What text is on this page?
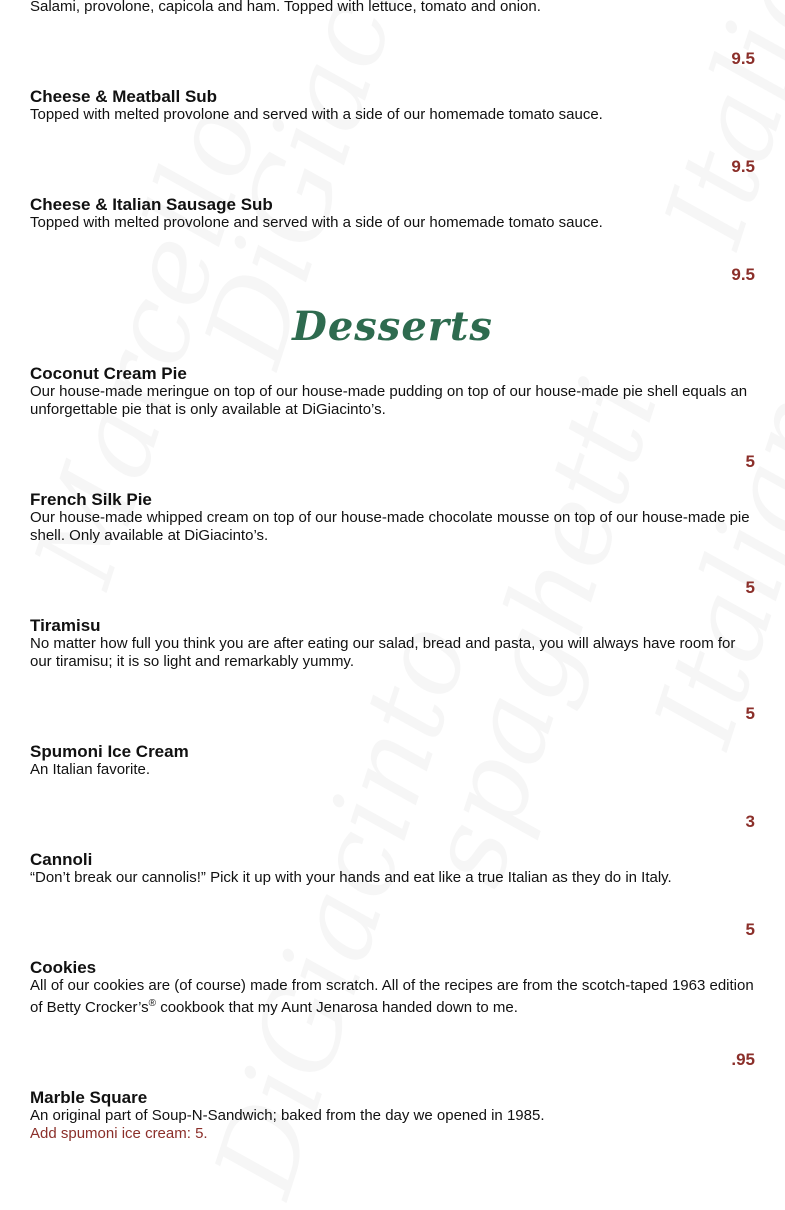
Salami, provolone, capicola and ham. Topped with lettuce, tomato and onion.

9.5

Cheese & Meatball Sub

Topped with melted provolone and served with a side of our homemade tomato sauce.

9.5

Cheese & Italian Sausage Sub

Topped with melted provolone and served with a side of our homemade tomato sauce.

9.5
Desserts

Coconut Cream Pie

Our house-made meringue on top of our house-made pudding on top of our house-made pie shell equals an unforgettable pie that is only available at DiGiacinto’s.

5

French Silk Pie

Our house-made whipped cream on top of our house-made chocolate mousse on top of our house-made pie shell. Only available at DiGiacinto’s.

5

Tiramisu

No matter how full you think you are after eating our salad, bread and pasta, you will always have room for our tiramisu; it is so light and remarkably yummy.

5

Spumoni Ice Cream

An Italian favorite.

3

Cannoli

“Don’t break our cannolis!” Pick it up with your hands and eat like a true Italian as they do in Italy.

5

Cookies

All of our cookies are (of course) made from scratch. All of the recipes are from the scotch-taped 1963 edition of Betty Crocker’s® cookbook that my Aunt Jenarosa handed down to me.

.95

Marble Square

An original part of Soup-N-Sandwich; baked from the day we opened in 1985.

Add spumoni ice cream: 5.
